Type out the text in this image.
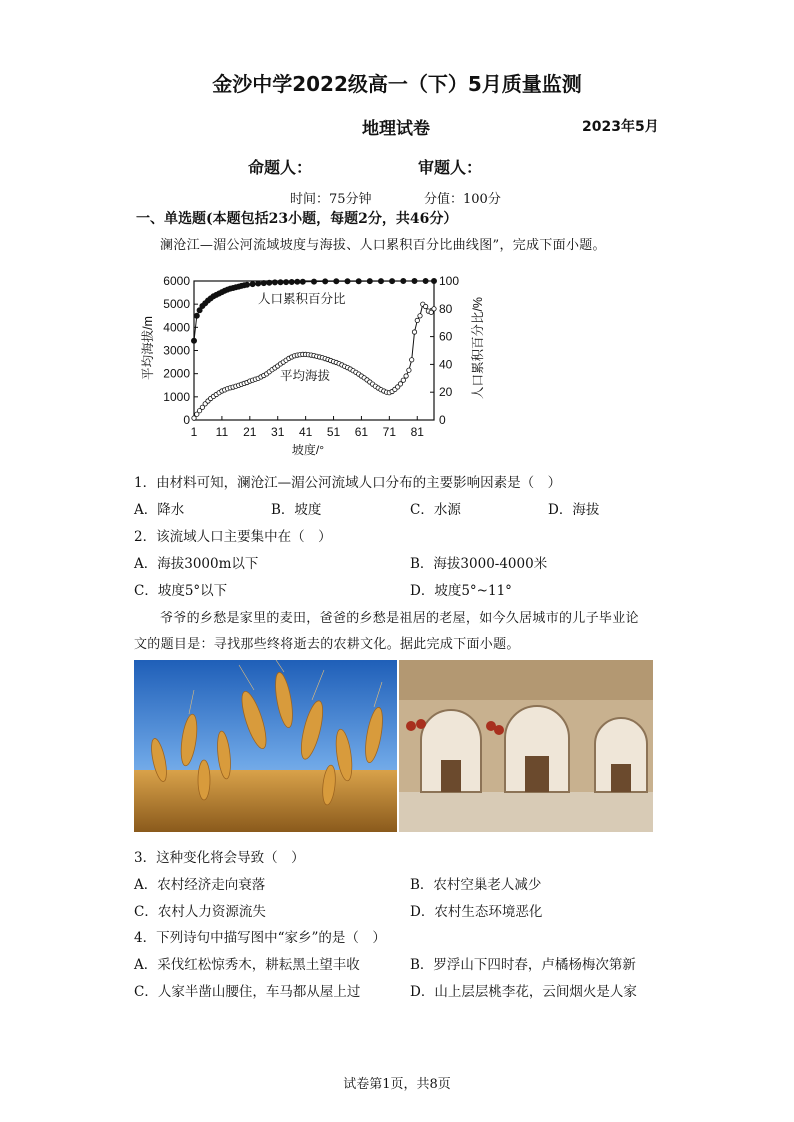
金沙中学2022级高一（下）5月质量监测
地理试卷	2023年5月
命题人：	审题人：
时间：75分钟	分值：100分
一、单选题(本题包括23小题，每题2分，共46分）
澜沧江—湄公河流域坡度与海拔、人口累积百分比曲线图”，完成下面小题。
1 11 21 31 41 51 61 71 81
0
1000
2000
3000
4000
5000
6000
0
20
40
60
80
100
坡度/°
平均海拔/m	人口累积百分比/%
人口累积百分比
平均海拔
1．由材料可知，澜沧江—湄公河流域人口分布的主要影响因素是（　）
A．降水	B．坡度	C．水源	D．海拔
2．该流域人口主要集中在（　）
A．海拔3000m以下	B．海拔3000-4000米
C．坡度5°以下	D．坡度5°~11°
爷爷的乡愁是家里的麦田，爸爸的乡愁是祖居的老屋，如今久居城市的儿子毕业论
文的题目是：寻找那些终将逝去的农耕文化。据此完成下面小题。
3．这种变化将会导致（　）
A．农村经济走向衰落	B．农村空巢老人减少
C．农村人力资源流失	D．农村生态环境恶化
4．下列诗句中描写图中“家乡”的是（　）
A．采伐红松惊秀木，耕耘黑土望丰收	B．罗浮山下四时春，卢橘杨梅次第新
C．人家半凿山腰住，车马都从屋上过	D．山上层层桃李花，云间烟火是人家
试卷第1页，共8页
